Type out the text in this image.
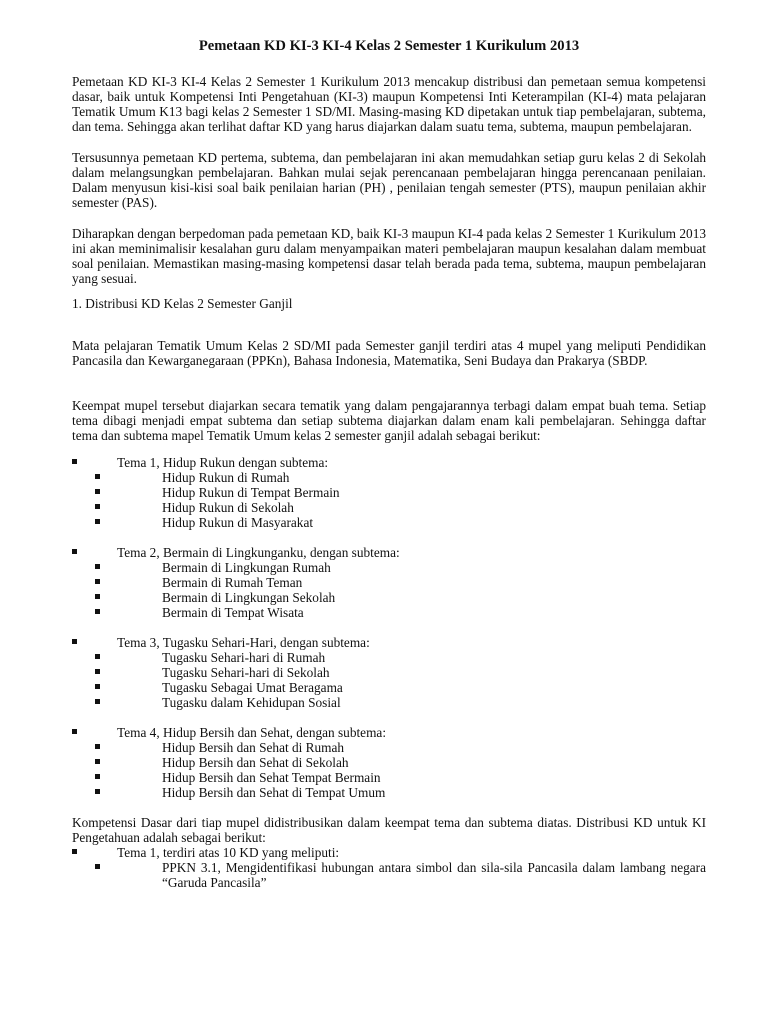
Pemetaan KD KI-3 KI-4 Kelas 2 Semester 1 Kurikulum 2013

Pemetaan KD KI-3 KI-4 Kelas 2 Semester 1 Kurikulum 2013 mencakup distribusi dan pemetaan semua kompetensi dasar, baik untuk Kompetensi Inti Pengetahuan (KI-3) maupun Kompetensi Inti Keterampilan (KI-4) mata pelajaran Tematik Umum K13 bagi kelas 2 Semester 1 SD/MI. Masing-masing KD dipetakan untuk tiap pembelajaran, subtema, dan tema. Sehingga akan terlihat daftar KD yang harus diajarkan dalam suatu tema, subtema, maupun pembelajaran.

Tersusunnya pemetaan KD pertema, subtema, dan pembelajaran ini akan memudahkan setiap guru kelas 2 di Sekolah dalam melangsungkan pembelajaran. Bahkan mulai sejak perencanaan pembelajaran hingga perencanaan penilaian. Dalam menyusun kisi-kisi soal baik penilaian harian (PH) , penilaian tengah semester (PTS), maupun penilaian akhir semester (PAS).

Diharapkan dengan berpedoman pada pemetaan KD, baik KI-3 maupun KI-4 pada kelas 2 Semester 1 Kurikulum 2013 ini akan meminimalisir kesalahan guru dalam menyampaikan materi pembelajaran maupun kesalahan dalam membuat soal penilaian. Memastikan masing-masing kompetensi dasar telah berada pada tema, subtema, maupun pembelajaran yang sesuai.

1. Distribusi KD Kelas 2 Semester Ganjil

Mata pelajaran Tematik Umum Kelas 2 SD/MI pada Semester ganjil terdiri atas 4 mupel yang meliputi Pendidikan Pancasila dan Kewarganegaraan (PPKn), Bahasa Indonesia, Matematika, Seni Budaya dan Prakarya (SBDP.

Keempat mupel tersebut diajarkan secara tematik yang dalam pengajarannya terbagi dalam empat buah tema. Setiap tema dibagi menjadi empat subtema dan setiap subtema diajarkan dalam enam kali pembelajaran. Sehingga daftar tema dan subtema mapel Tematik Umum kelas 2 semester ganjil adalah sebagai berikut:

Tema 1, Hidup Rukun dengan subtema:
Hidup Rukun di Rumah
Hidup Rukun di Tempat Bermain
Hidup Rukun di Sekolah
Hidup Rukun di Masyarakat
Tema 2, Bermain di Lingkunganku, dengan subtema:
Bermain di Lingkungan Rumah
Bermain di Rumah Teman
Bermain di Lingkungan Sekolah
Bermain di Tempat Wisata
Tema 3, Tugasku Sehari-Hari, dengan subtema:
Tugasku Sehari-hari di Rumah
Tugasku Sehari-hari di Sekolah
Tugasku Sebagai Umat Beragama
Tugasku dalam Kehidupan Sosial
Tema 4, Hidup Bersih dan Sehat, dengan subtema:
Hidup Bersih dan Sehat di Rumah
Hidup Bersih dan Sehat di Sekolah
Hidup Bersih dan Sehat Tempat Bermain
Hidup Bersih dan Sehat di Tempat Umum

Kompetensi Dasar dari tiap mupel didistribusikan dalam keempat tema dan subtema diatas. Distribusi KD untuk KI Pengetahuan adalah sebagai berikut:

Tema 1, terdiri atas 10 KD yang meliputi:
PPKN 3.1, Mengidentifikasi hubungan antara simbol dan sila-sila Pancasila dalam lambang negara “Garuda Pancasila”
